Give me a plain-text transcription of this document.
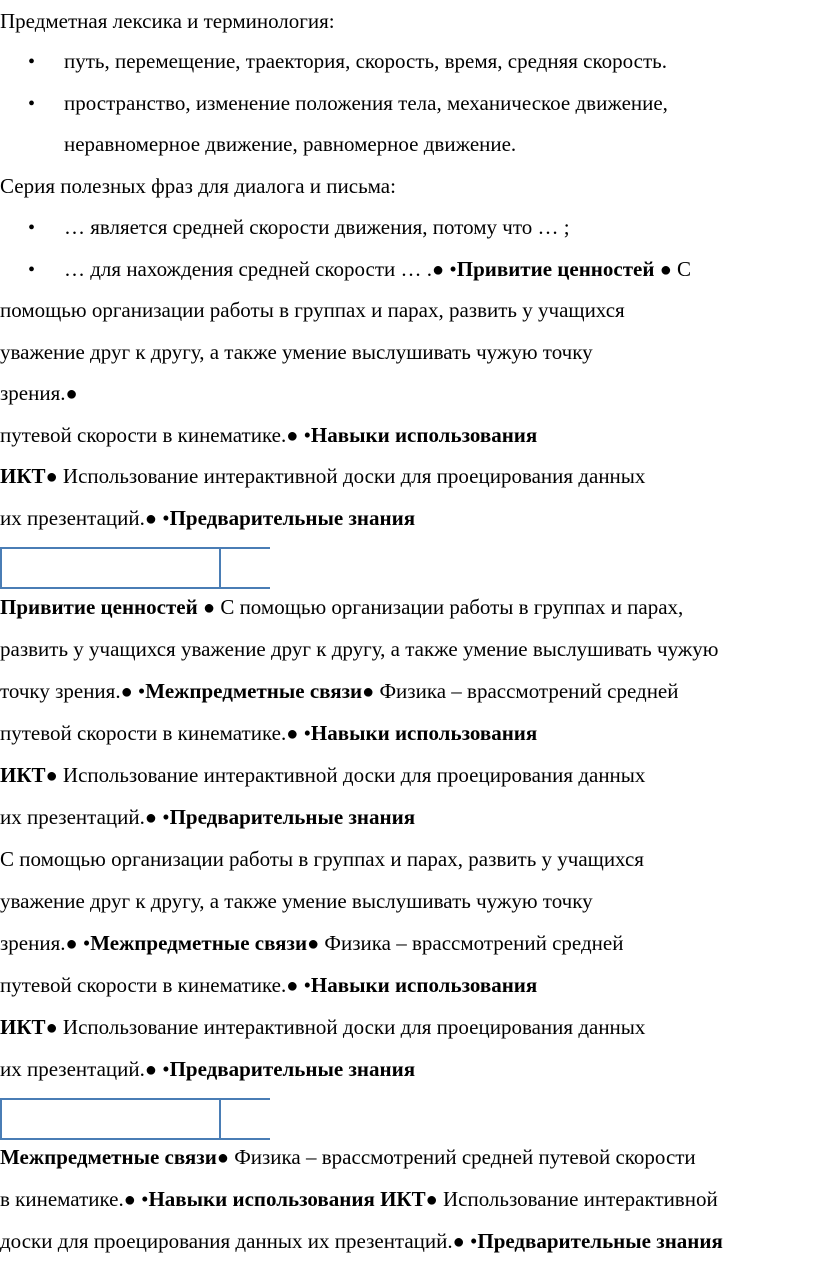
Предметная лексика и терминология:
• путь, перемещение, траектория, скорость, время, средняя скорость.
• пространство, изменение положения тела, механическое движение,
неравномерное движение, равномерное движение.
Серия полезных фраз для диалога и письма:
• … является средней скорости движения, потому что … ;
• … для нахождения средней скорости … .● •Привитие ценностей ● С
помощью организации работы в группах и парах, развить у учащихся
уважение друг к другу, а также умение выслушивать чужую точку
зрения.●
путевой скорости в кинематике.● •Навыки использования
ИКТ● Использование интерактивной доски для проецирования данных
их презентаций.● •Предварительные знания
Привитие ценностей ● С помощью организации работы в группах и парах,
развить у учащихся уважение друг к другу, а также умение выслушивать чужую
точку зрения.● •Межпредметные связи● Физика – врассмотрений средней
путевой скорости в кинематике.● •Навыки использования
ИКТ● Использование интерактивной доски для проецирования данных
их презентаций.● •Предварительные знания
С помощью организации работы в группах и парах, развить у учащихся
уважение друг к другу, а также умение выслушивать чужую точку
зрения.● •Межпредметные связи● Физика – врассмотрений средней
путевой скорости в кинематике.● •Навыки использования
ИКТ● Использование интерактивной доски для проецирования данных
их презентаций.● •Предварительные знания
Межпредметные связи● Физика – врассмотрений средней путевой скорости
в кинематике.● •Навыки использования ИКТ● Использование интерактивной
доски для проецирования данных их презентаций.● •Предварительные знания
